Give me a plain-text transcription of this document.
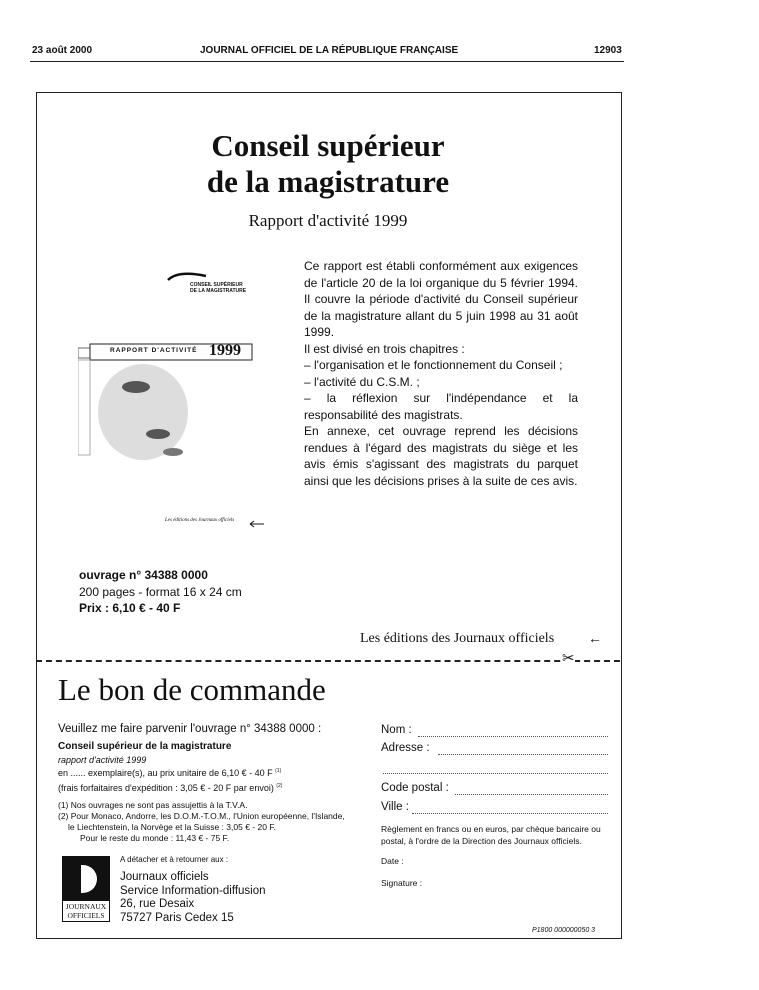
23 août 2000	JOURNAL OFFICIEL DE LA RÉPUBLIQUE FRANÇAISE	12903
Conseil supérieur
de la magistrature
Rapport d'activité 1999
CONSEIL SUPÉRIEUR
DE LA MAGISTRATURE
RAPPORT D'ACTIVITÉ 1999
Les éditions des Journaux officiels

Ce rapport est établi conformément aux exigences de l'article 20 de la loi organique du 5 février 1994. Il couvre la période d'activité du Conseil supérieur de la magistrature allant du 5 juin 1998 au 31 août 1999.

Il est divisé en trois chapitres :

– l'organisation et le fonctionnement du Conseil ;

– l'activité du C.S.M. ;

– la réflexion sur l'indépendance et la responsabilité des magistrats.

En annexe, cet ouvrage reprend les décisions rendues à l'égard des magistrats du siège et les avis émis s'agissant des magistrats du parquet ainsi que les décisions prises à la suite de ces avis.

ouvrage n° 34388 0000
200 pages - format 16 x 24 cm
Prix : 6,10 € - 40 F
Les éditions des Journaux officiels ←
✂
Le bon de commande
Veuillez me faire parvenir l'ouvrage n° 34388 0000 :
Conseil supérieur de la magistrature
rapport d'activité 1999
en ...... exemplaire(s), au prix unitaire de 6,10 € - 40 F $^{(1)}$
(frais forfaitaires d'expédition : 3,05 € - 20 F par envoi) $^{(2)}$
(1) Nos ouvrages ne sont pas assujettis à la T.V.A.
(2) Pour Monaco, Andorre, les D.O.M.-T.O.M., l'Union européenne, l'Islande,
le Liechtenstein, la Norvège et la Suisse : 3,05 € - 20 F.
Pour le reste du monde : 11,43 € - 75 F.
JOURNAUX
OFFICIELS
A détacher et à retourner aux :
Journaux officiels
Service Information-diffusion
26, rue Desaix
75727 Paris Cedex 15
Nom :
Adresse :
Code postal :
Ville :
Règlement en francs ou en euros, par chèque bancaire ou postal, à l'ordre de la Direction des Journaux officiels.
Date :
Signature :
P1800 000000050 3
